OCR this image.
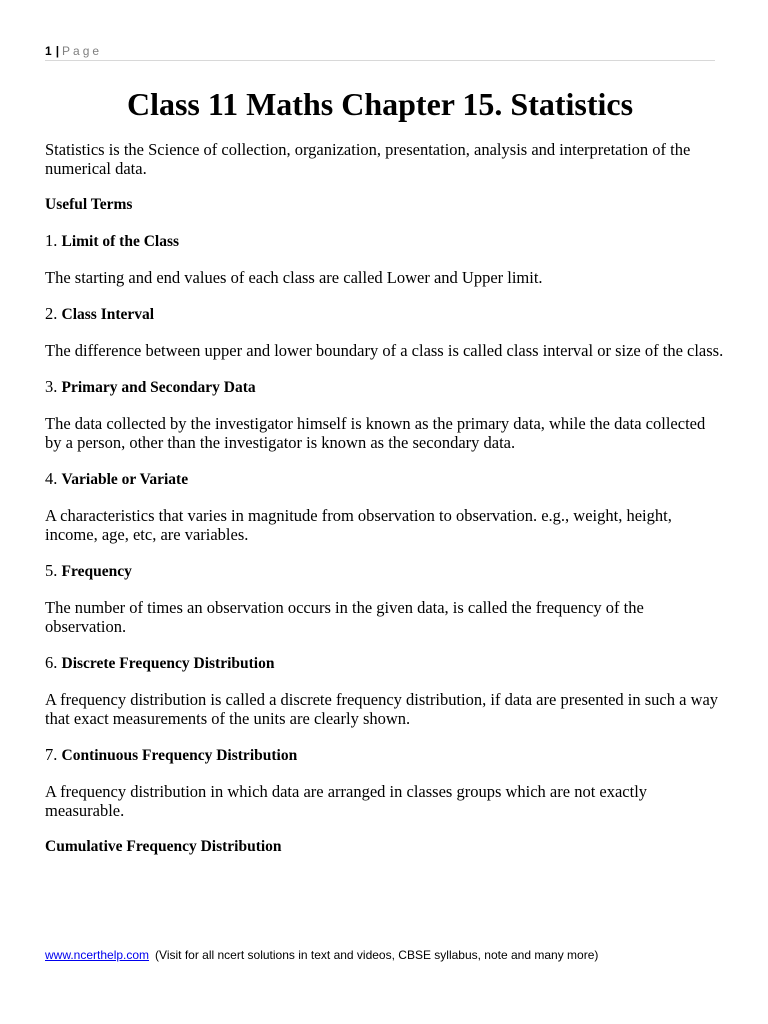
1 | Page
Class 11 Maths Chapter 15. Statistics

Statistics is the Science of collection, organization, presentation, analysis and interpretation of the numerical data.

Useful Terms

1. Limit of the Class

The starting and end values of each class are called Lower and Upper limit.

2. Class Interval

The difference between upper and lower boundary of a class is called class interval or size of the class.

3. Primary and Secondary Data

The data collected by the investigator himself is known as the primary data, while the data collected by a person, other than the investigator is known as the secondary data.

4. Variable or Variate

A characteristics that varies in magnitude from observation to observation. e.g., weight, height, income, age, etc, are variables.

5. Frequency

The number of times an observation occurs in the given data, is called the frequency of the observation.

6. Discrete Frequency Distribution

A frequency distribution is called a discrete frequency distribution, if data are presented in such a way that exact measurements of the units are clearly shown.

7. Continuous Frequency Distribution

A frequency distribution in which data are arranged in classes groups which are not exactly measurable.

Cumulative Frequency Distribution

www.ncerthelp.com (Visit for all ncert solutions in text and videos, CBSE syllabus, note and many more)
